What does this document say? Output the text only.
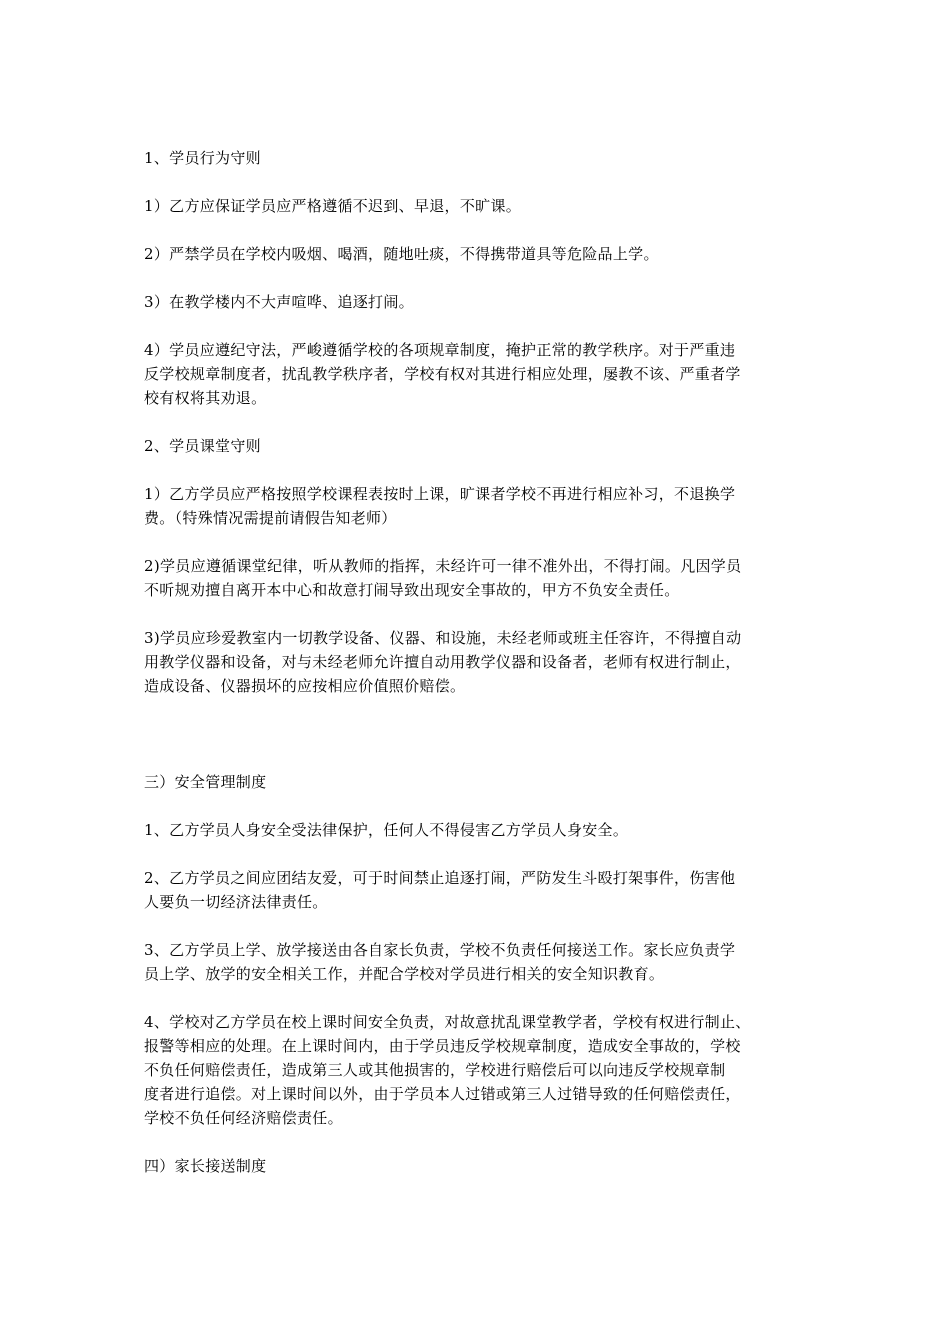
1、学员行为守则

1）乙方应保证学员应严格遵循不迟到、早退，不旷课。

2）严禁学员在学校内吸烟、喝酒，随地吐痰，不得携带道具等危险品上学。

3）在教学楼内不大声喧哗、追逐打闹。

4）学员应遵纪守法，严峻遵循学校的各项规章制度，掩护正常的教学秩序。对于严重违
反学校规章制度者，扰乱教学秩序者，学校有权对其进行相应处理，屡教不该、严重者学
校有权将其劝退。

2、学员课堂守则

1）乙方学员应严格按照学校课程表按时上课，旷课者学校不再进行相应补习，不退换学
费。（特殊情况需提前请假告知老师）

2)学员应遵循课堂纪律，听从教师的指挥，未经许可一律不准外出，不得打闹。凡因学员
不听规劝擅自离开本中心和故意打闹导致出现安全事故的，甲方不负安全责任。

3)学员应珍爱教室内一切教学设备、仪器、和设施，未经老师或班主任容许，不得擅自动
用教学仪器和设备，对与未经老师允许擅自动用教学仪器和设备者，老师有权进行制止，
造成设备、仪器损坏的应按相应价值照价赔偿。

三）安全管理制度

1、乙方学员人身安全受法律保护，任何人不得侵害乙方学员人身安全。

2、乙方学员之间应团结友爱，可于时间禁止追逐打闹，严防发生斗殴打架事件，伤害他
人要负一切经济法律责任。

3、乙方学员上学、放学接送由各自家长负责，学校不负责任何接送工作。家长应负责学
员上学、放学的安全相关工作，并配合学校对学员进行相关的安全知识教育。

4、学校对乙方学员在校上课时间安全负责，对故意扰乱课堂教学者，学校有权进行制止、
报警等相应的处理。在上课时间内，由于学员违反学校规章制度，造成安全事故的，学校
不负任何赔偿责任，造成第三人或其他损害的，学校进行赔偿后可以向违反学校规章制
度者进行追偿。对上课时间以外，由于学员本人过错或第三人过错导致的任何赔偿责任，
学校不负任何经济赔偿责任。

四）家长接送制度
